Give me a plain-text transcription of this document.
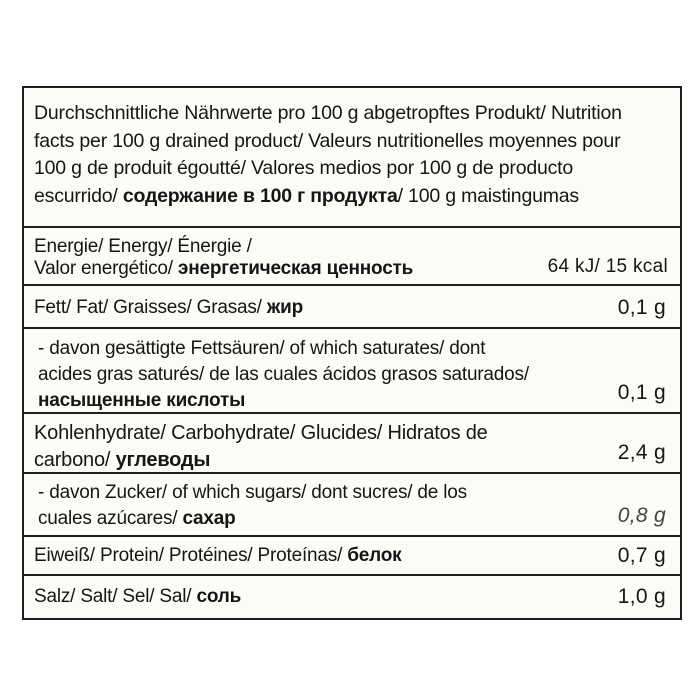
Durchschnittliche Nährwerte pro 100 g abgetropftes Produkt/ Nutrition
facts per 100 g drained product/ Valeurs nutritionelles moyennes pour
100 g de produit égoutté/ Valores medios por 100 g de producto
escurrido/ содержание в 100 г продукта/ 100 g maistingumas
Energie/ Energy/ Énergie /
Valor energético/ энергетическая ценность	64 kJ/ 15 kcal
Fett/ Fat/ Graisses/ Grasas/ жир	0,1 g
- davon gesättigte Fettsäuren/ of which saturates/ dont
acides gras saturés/ de las cuales ácidos grasos saturados/
насыщенные кислоты	0,1 g
Kohlenhydrate/ Carbohydrate/ Glucides/ Hidratos de
carbono/ углеводы	2,4 g
- davon Zucker/ of which sugars/ dont sucres/ de los
cuales azúcares/ сахар	0,8 g
Eiweiß/ Protein/ Protéines/ Proteínas/ белок	0,7 g
Salz/ Salt/ Sel/ Sal/ соль	1,0 g
